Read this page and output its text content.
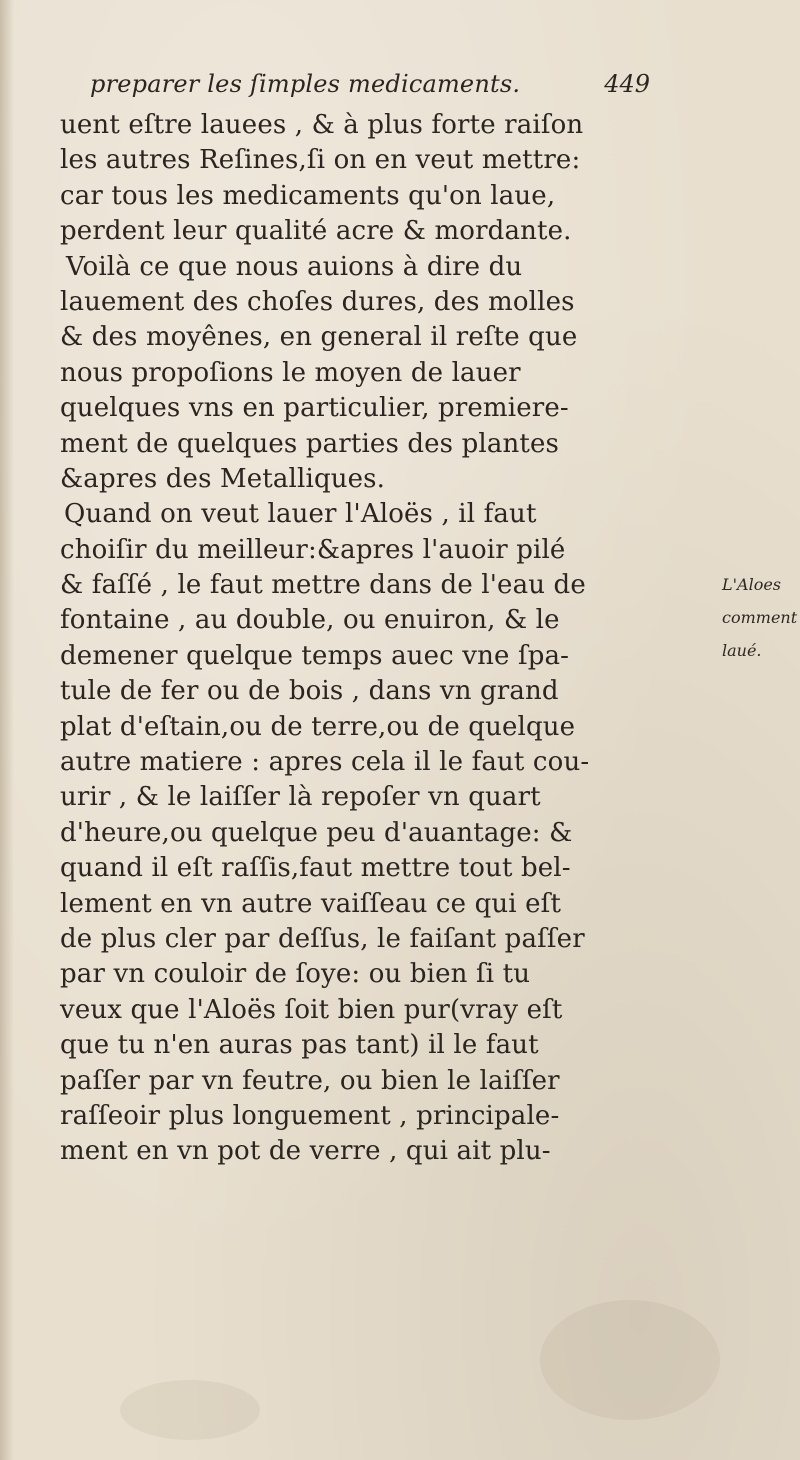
preparer les ſimples medicaments.	449
uent eſtre lauees , & à plus forte raiſon
les autres Reſines,ſi on en veut mettre:
car tous les medicaments qu'on laue,
perdent leur qualité acre & mordante.
Voilà ce que nous auions à dire du
lauement des choſes dures, des molles
& des moyênes, en general il reſte que
nous propoſions le moyen de lauer
quelques vns en particulier, premiere-
ment de quelques parties des plantes
&apres des Metalliques.
Quand on veut lauer l'Aloës , il faut
choiſir du meilleur:&apres l'auoir pilé
& faſſé , le faut mettre dans de l'eau de
fontaine , au double, ou enuiron, & le
demener quelque temps auec vne ſpa-
tule de fer ou de bois , dans vn grand
plat d'eſtain,ou de terre,ou de quelque
autre matiere : apres cela il le faut cou-
urir , & le laiſſer là repoſer vn quart
d'heure,ou quelque peu d'auantage: &
quand il eſt raſſis,faut mettre tout bel-
lement en vn autre vaiſſeau ce qui eſt
de plus cler par deſſus, le faiſant paſſer
par vn couloir de ſoye: ou bien ſi tu
veux que l'Aloës ſoit bien pur(vray eſt
que tu n'en auras pas tant) il le faut
paſſer par vn feutre, ou bien le laiſſer
raſſeoir plus longuement , principale-
ment en vn pot de verre , qui ait plu-
L'Aloes
comment
laué.
